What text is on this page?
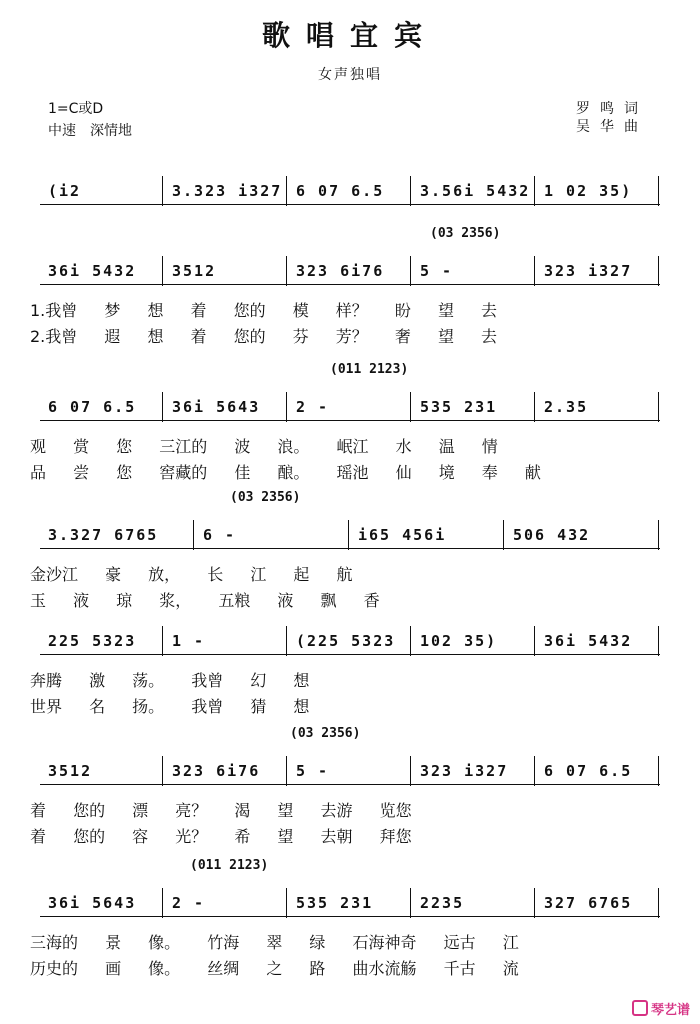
歌唱宜宾
女声独唱
1=C或D
中速　深情地
罗鸣词
吴华曲
(i2	3.323 i327 6 07 6.5 3.56i 5432 1 02 35)
(03 2356)
36i 5432 3512	323 6i76 5 -	323 i327
1.我曾 梦 想 着 您的 模 样？ 盼 望 去
2.我曾 遐 想 着 您的 芬 芳？ 奢 望 去
(011 2123)
6 07 6.5 36i 5643 2 -	535 231	2.35
观 赏 您 三江的 波 浪。 岷江 水 温 情
品 尝 您 窖藏的 佳 酿。 瑶池 仙 境 奉 献
(03 2356)
3.327 6765	6 -	i65 456i	506 432
金沙江 豪 放， 长 江 起 航
玉 液 琼 浆， 五粮 液 飘 香
225 5323 1 -	(225 5323 102 35)	36i 5432
奔腾 激 荡。 我曾 幻 想
世界 名 扬。 我曾 猜 想
(03 2356)
3512	323 6i76 5 -	323 i327 6 07 6.5
着 您的 漂 亮？ 渴 望 去游 览您
着 您的 容 光？ 希 望 去朝 拜您
(011 2123)
36i 5643 2 -	535 231	2235	327 6765
三海的 景 像。 竹海 翠 绿 石海神奇 远古 江
历史的 画 像。 丝绸 之 路 曲水流觞 千古 流
琴艺谱
